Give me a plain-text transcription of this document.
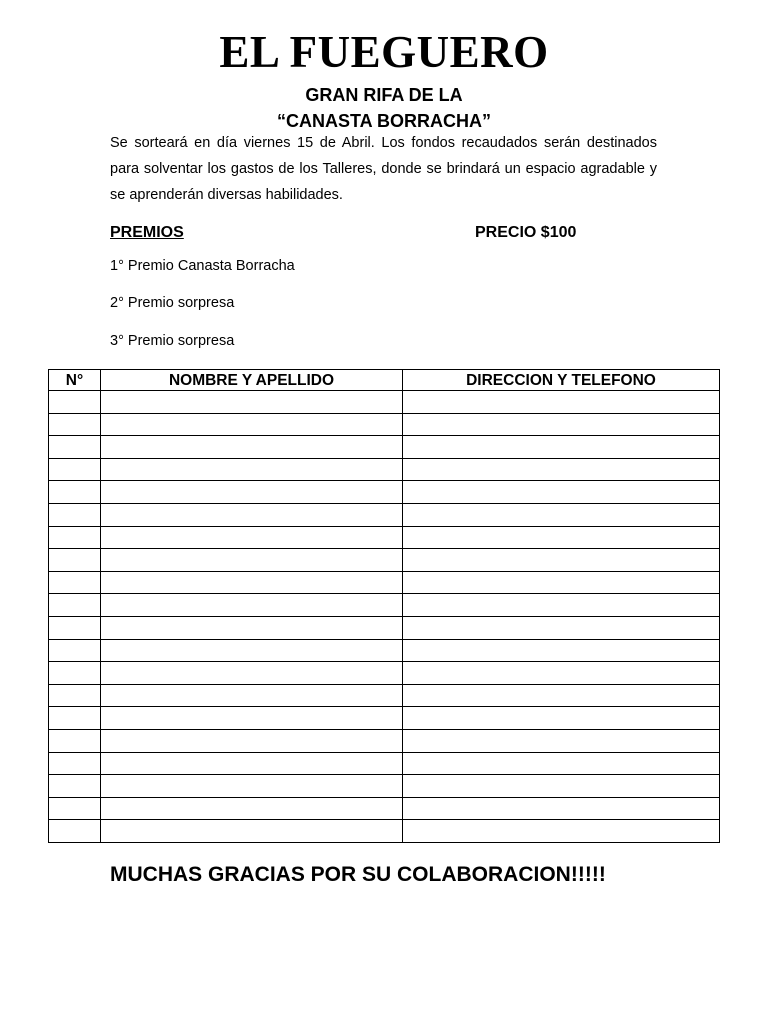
EL FUEGUERO
GRAN RIFA DE LA
“CANASTA BORRACHA”
Se sorteará en día viernes 15 de Abril. Los fondos recaudados serán destinados para solventar los gastos de los Talleres, donde se brindará un espacio agradable y se aprenderán diversas habilidades.
PREMIOS	PRECIO $100
1° Premio Canasta Borracha
2° Premio sorpresa
3° Premio sorpresa
N°	NOMBRE Y APELLIDO	DIRECCION Y TELEFONO

MUCHAS GRACIAS POR SU COLABORACION!!!!!
